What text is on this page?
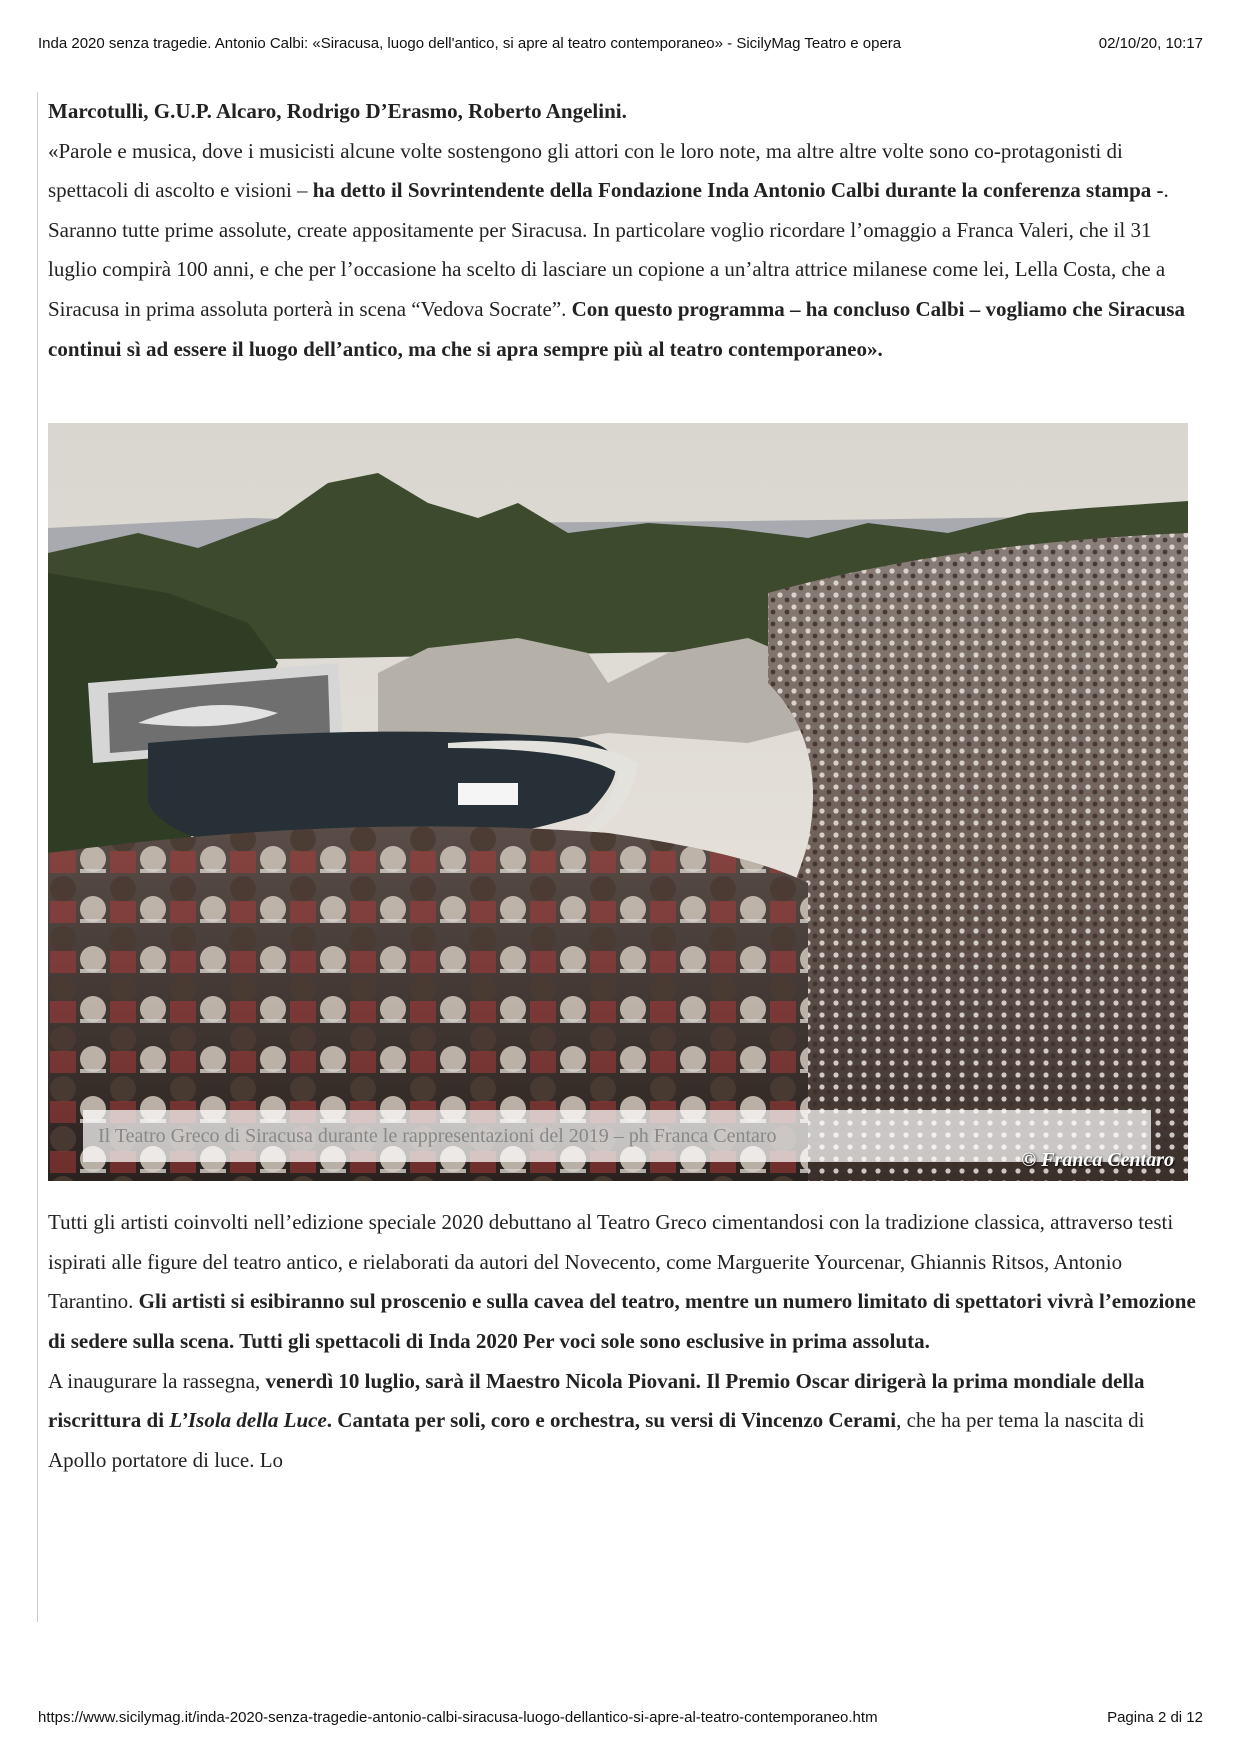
Inda 2020 senza tragedie. Antonio Calbi: «Siracusa, luogo dell'antico, si apre al teatro contemporaneo» - SicilyMag Teatro e opera	02/10/20, 10:17

Marcotulli, G.U.P. Alcaro, Rodrigo D’Erasmo, Roberto Angelini.

«Parole e musica, dove i musicisti alcune volte sostengono gli attori con le loro note, ma altre altre volte sono co-protagonisti di spettacoli di ascolto e visioni – ha detto il Sovrintendente della Fondazione Inda Antonio Calbi durante la conferenza stampa -. Saranno tutte prime assolute, create appositamente per Siracusa. In particolare voglio ricordare l’omaggio a Franca Valeri, che il 31 luglio compirà 100 anni, e che per l’occasione ha scelto di lasciare un copione a un’altra attrice milanese come lei, Lella Costa, che a Siracusa in prima assoluta porterà in scena “Vedova Socrate”. Con questo programma – ha concluso Calbi – vogliamo che Siracusa continui sì ad essere il luogo dell’antico, ma che si apra sempre più al teatro contemporaneo».

Il Teatro Greco di Siracusa durante le rappresentazioni del 2019 – ph Franca Centaro
© Franca Centaro

Tutti gli artisti coinvolti nell’edizione speciale 2020 debuttano al Teatro Greco cimentandosi con la tradizione classica, attraverso testi ispirati alle figure del teatro antico, e rielaborati da autori del Novecento, come Marguerite Yourcenar, Ghiannis Ritsos, Antonio Tarantino. Gli artisti si esibiranno sul proscenio e sulla cavea del teatro, mentre un numero limitato di spettatori vivrà l’emozione di sedere sulla scena. Tutti gli spettacoli di Inda 2020 Per voci sole sono esclusive in prima assoluta.

A inaugurare la rassegna, venerdì 10 luglio, sarà il Maestro Nicola Piovani. Il Premio Oscar dirigerà la prima mondiale della riscrittura di L’Isola della Luce. Cantata per soli, coro e orchestra, su versi di Vincenzo Cerami, che ha per tema la nascita di Apollo portatore di luce. Lo

https://www.sicilymag.it/inda-2020-senza-tragedie-antonio-calbi-siracusa-luogo-dellantico-si-apre-al-teatro-contemporaneo.htm	Pagina 2 di 12
